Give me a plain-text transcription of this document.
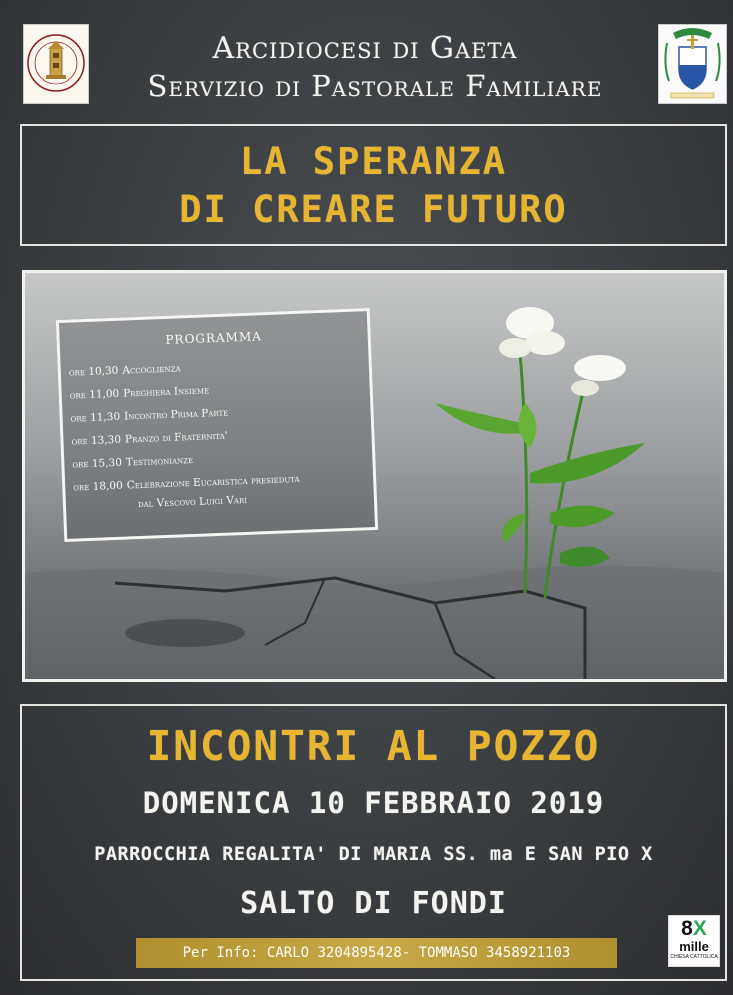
Arcidiocesi di Gaeta
Servizio di Pastorale Familiare
LA SPERANZA
DI CREARE FUTURO
PROGRAMMA
ore 10,30 Accoglienza
ore 11,00 Preghiera Insieme
ore 11,30 Incontro Prima Parte
ore 13,30 Pranzo di Fraternita'
ore 15,30 Testimonianze
ore 18,00 Celebrazione Eucaristica presieduta
dal Vescovo Luigi Vari
INCONTRI AL POZZO
DOMENICA 10 FEBBRAIO 2019
PARROCCHIA REGALITA' DI MARIA SS. ma E SAN PIO X
SALTO DI FONDI
Per Info: CARLO 3204895428- TOMMASO 3458921103
8X
mille
CHIESA CATTOLICA
